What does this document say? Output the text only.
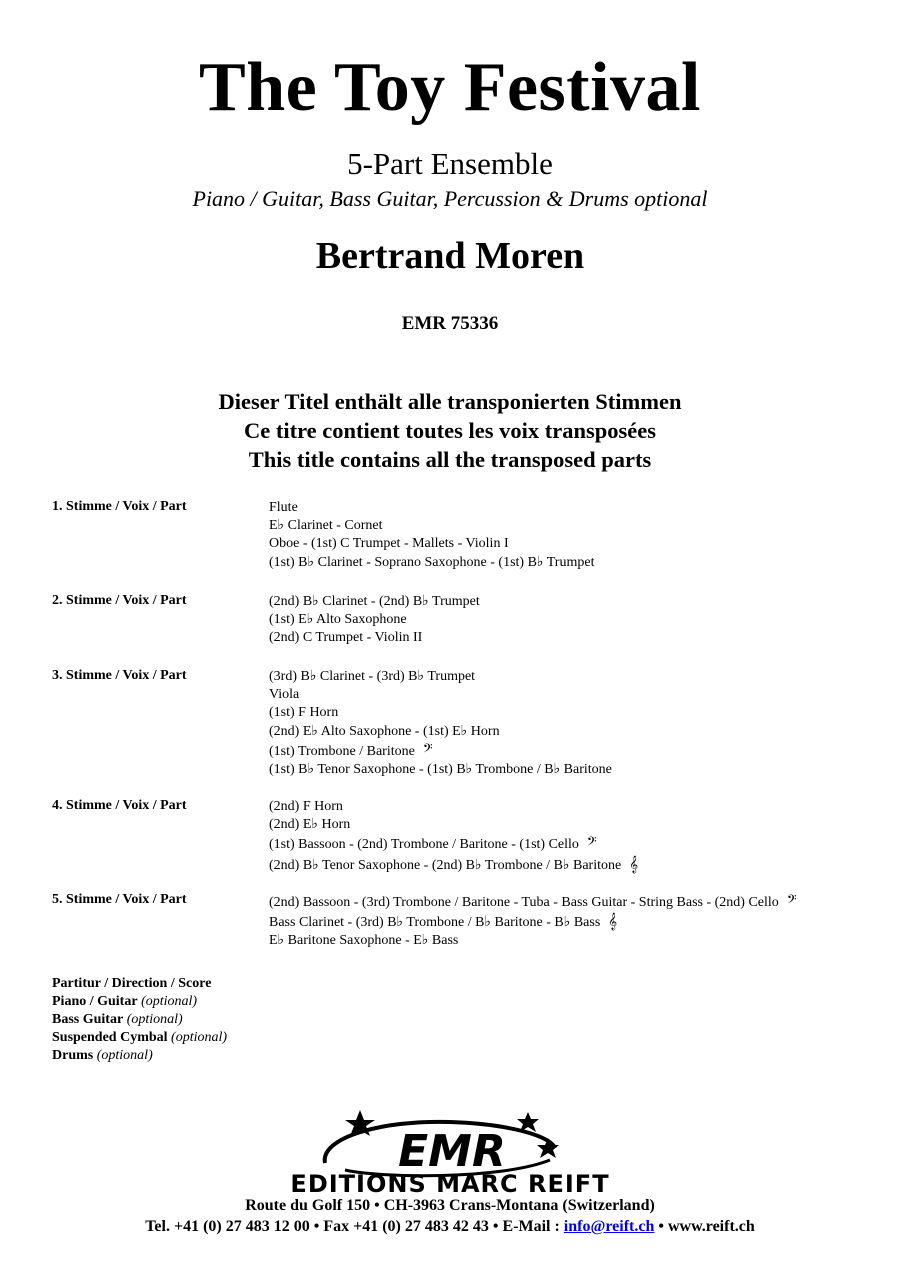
The Toy Festival
5-Part Ensemble
Piano / Guitar, Bass Guitar, Percussion & Drums optional
Bertrand Moren
EMR 75336
Dieser Titel enthält alle transponierten Stimmen
Ce titre contient toutes les voix transposées
This title contains all the transposed parts
1. Stimme / Voix / Part	Flute
E♭ Clarinet - Cornet
Oboe - (1st) C Trumpet - Mallets - Violin I
(1st) B♭ Clarinet - Soprano Saxophone - (1st) B♭ Trumpet
2. Stimme / Voix / Part	(2nd) B♭ Clarinet - (2nd) B♭ Trumpet
(1st) E♭ Alto Saxophone
(2nd) C Trumpet - Violin II
3. Stimme / Voix / Part	(3rd) B♭ Clarinet - (3rd) B♭ Trumpet
Viola
(1st) F Horn
(2nd) E♭ Alto Saxophone - (1st) E♭ Horn
(1st) Trombone / Baritone 𝄢
(1st) B♭ Tenor Saxophone - (1st) B♭ Trombone / B♭ Baritone
4. Stimme / Voix / Part	(2nd) F Horn
(2nd) E♭ Horn
(1st) Bassoon - (2nd) Trombone / Baritone - (1st) Cello 𝄢
(2nd) B♭ Tenor Saxophone - (2nd) B♭ Trombone / B♭ Baritone 𝄞
5. Stimme / Voix / Part	(2nd) Bassoon - (3rd) Trombone / Baritone - Tuba - Bass Guitar - String Bass - (2nd) Cello 𝄢
Bass Clarinet - (3rd) B♭ Trombone / B♭ Baritone - B♭ Bass 𝄞
E♭ Baritone Saxophone - E♭ Bass
Partitur / Direction / Score
Piano / Guitar (optional)
Bass Guitar (optional)
Suspended Cymbal (optional)
Drums (optional)
EMR
EDITIONS MARC REIFT
Route du Golf 150 • CH-3963 Crans-Montana (Switzerland)
Tel. +41 (0) 27 483 12 00 • Fax +41 (0) 27 483 42 43 • E-Mail : info@reift.ch • www.reift.ch
